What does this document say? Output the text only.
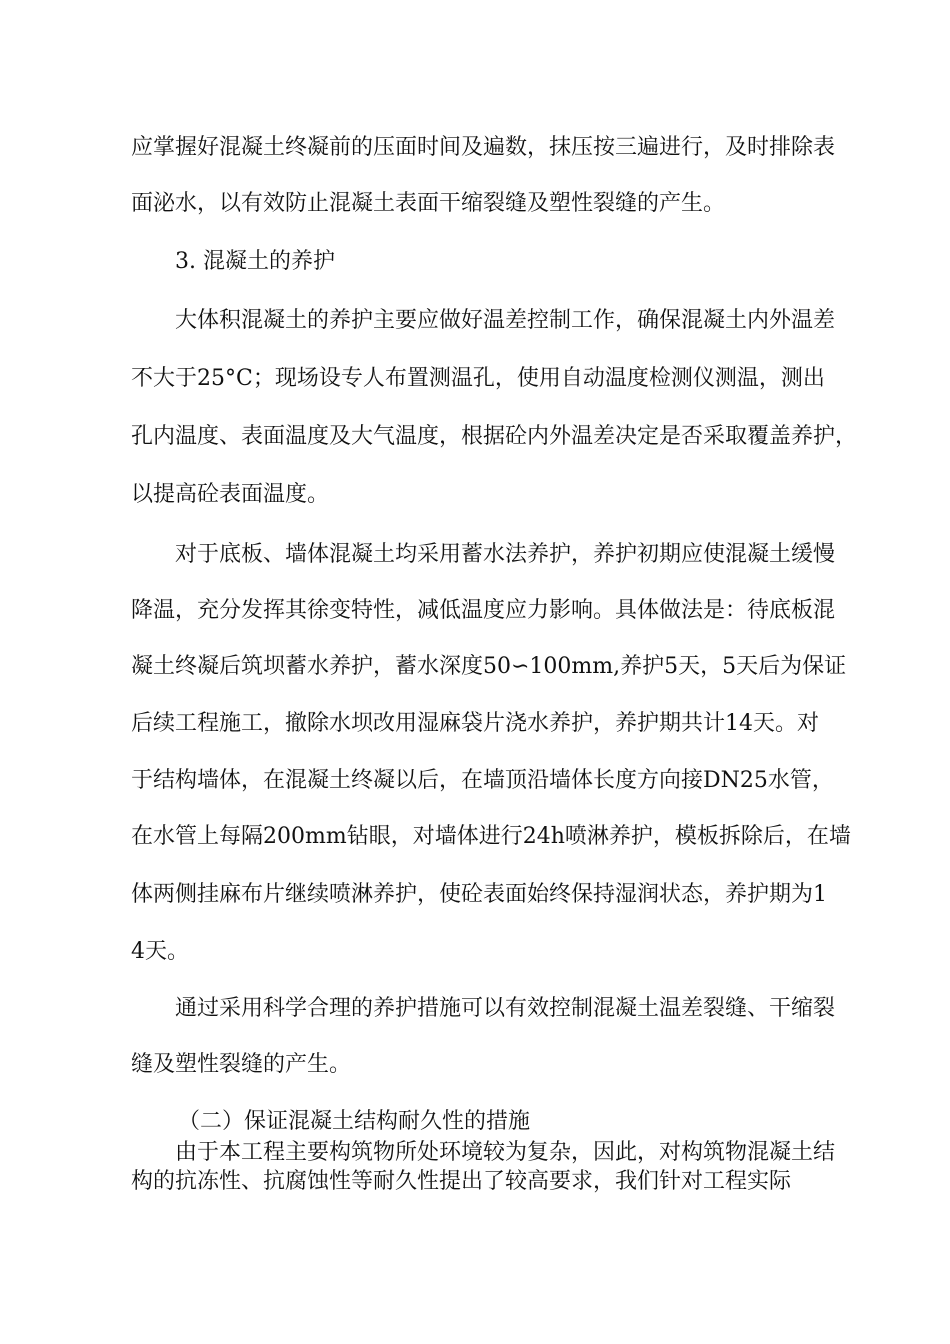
应掌握好混凝土终凝前的压面时间及遍数，抹压按三遍进行，及时排除表
面泌水，以有效防止混凝土表面干缩裂缝及塑性裂缝的产生。
3. 混凝土的养护
大体积混凝土的养护主要应做好温差控制工作，确保混凝土内外温差
不大于25°C；现场设专人布置测温孔，使用自动温度检测仪测温，测出
孔内温度、表面温度及大气温度，根据砼内外温差决定是否采取覆盖养护，
以提高砼表面温度。
对于底板、墙体混凝土均采用蓄水法养护，养护初期应使混凝土缓慢
降温，充分发挥其徐变特性，减低温度应力影响。具体做法是：待底板混
凝土终凝后筑坝蓄水养护，蓄水深度50∽100mm,养护5天，5天后为保证
后续工程施工，撤除水坝改用湿麻袋片浇水养护，养护期共计14天。对
于结构墙体，在混凝土终凝以后，在墙顶沿墙体长度方向接DN25水管，
在水管上每隔200mm钻眼，对墙体进行24h喷淋养护，模板拆除后，在墙
体两侧挂麻布片继续喷淋养护，使砼表面始终保持湿润状态，养护期为1
4天。
通过采用科学合理的养护措施可以有效控制混凝土温差裂缝、干缩裂
缝及塑性裂缝的产生。
（二）保证混凝土结构耐久性的措施
由于本工程主要构筑物所处环境较为复杂，因此，对构筑物混凝土结
构的抗冻性、抗腐蚀性等耐久性提出了较高要求，我们针对工程实际
